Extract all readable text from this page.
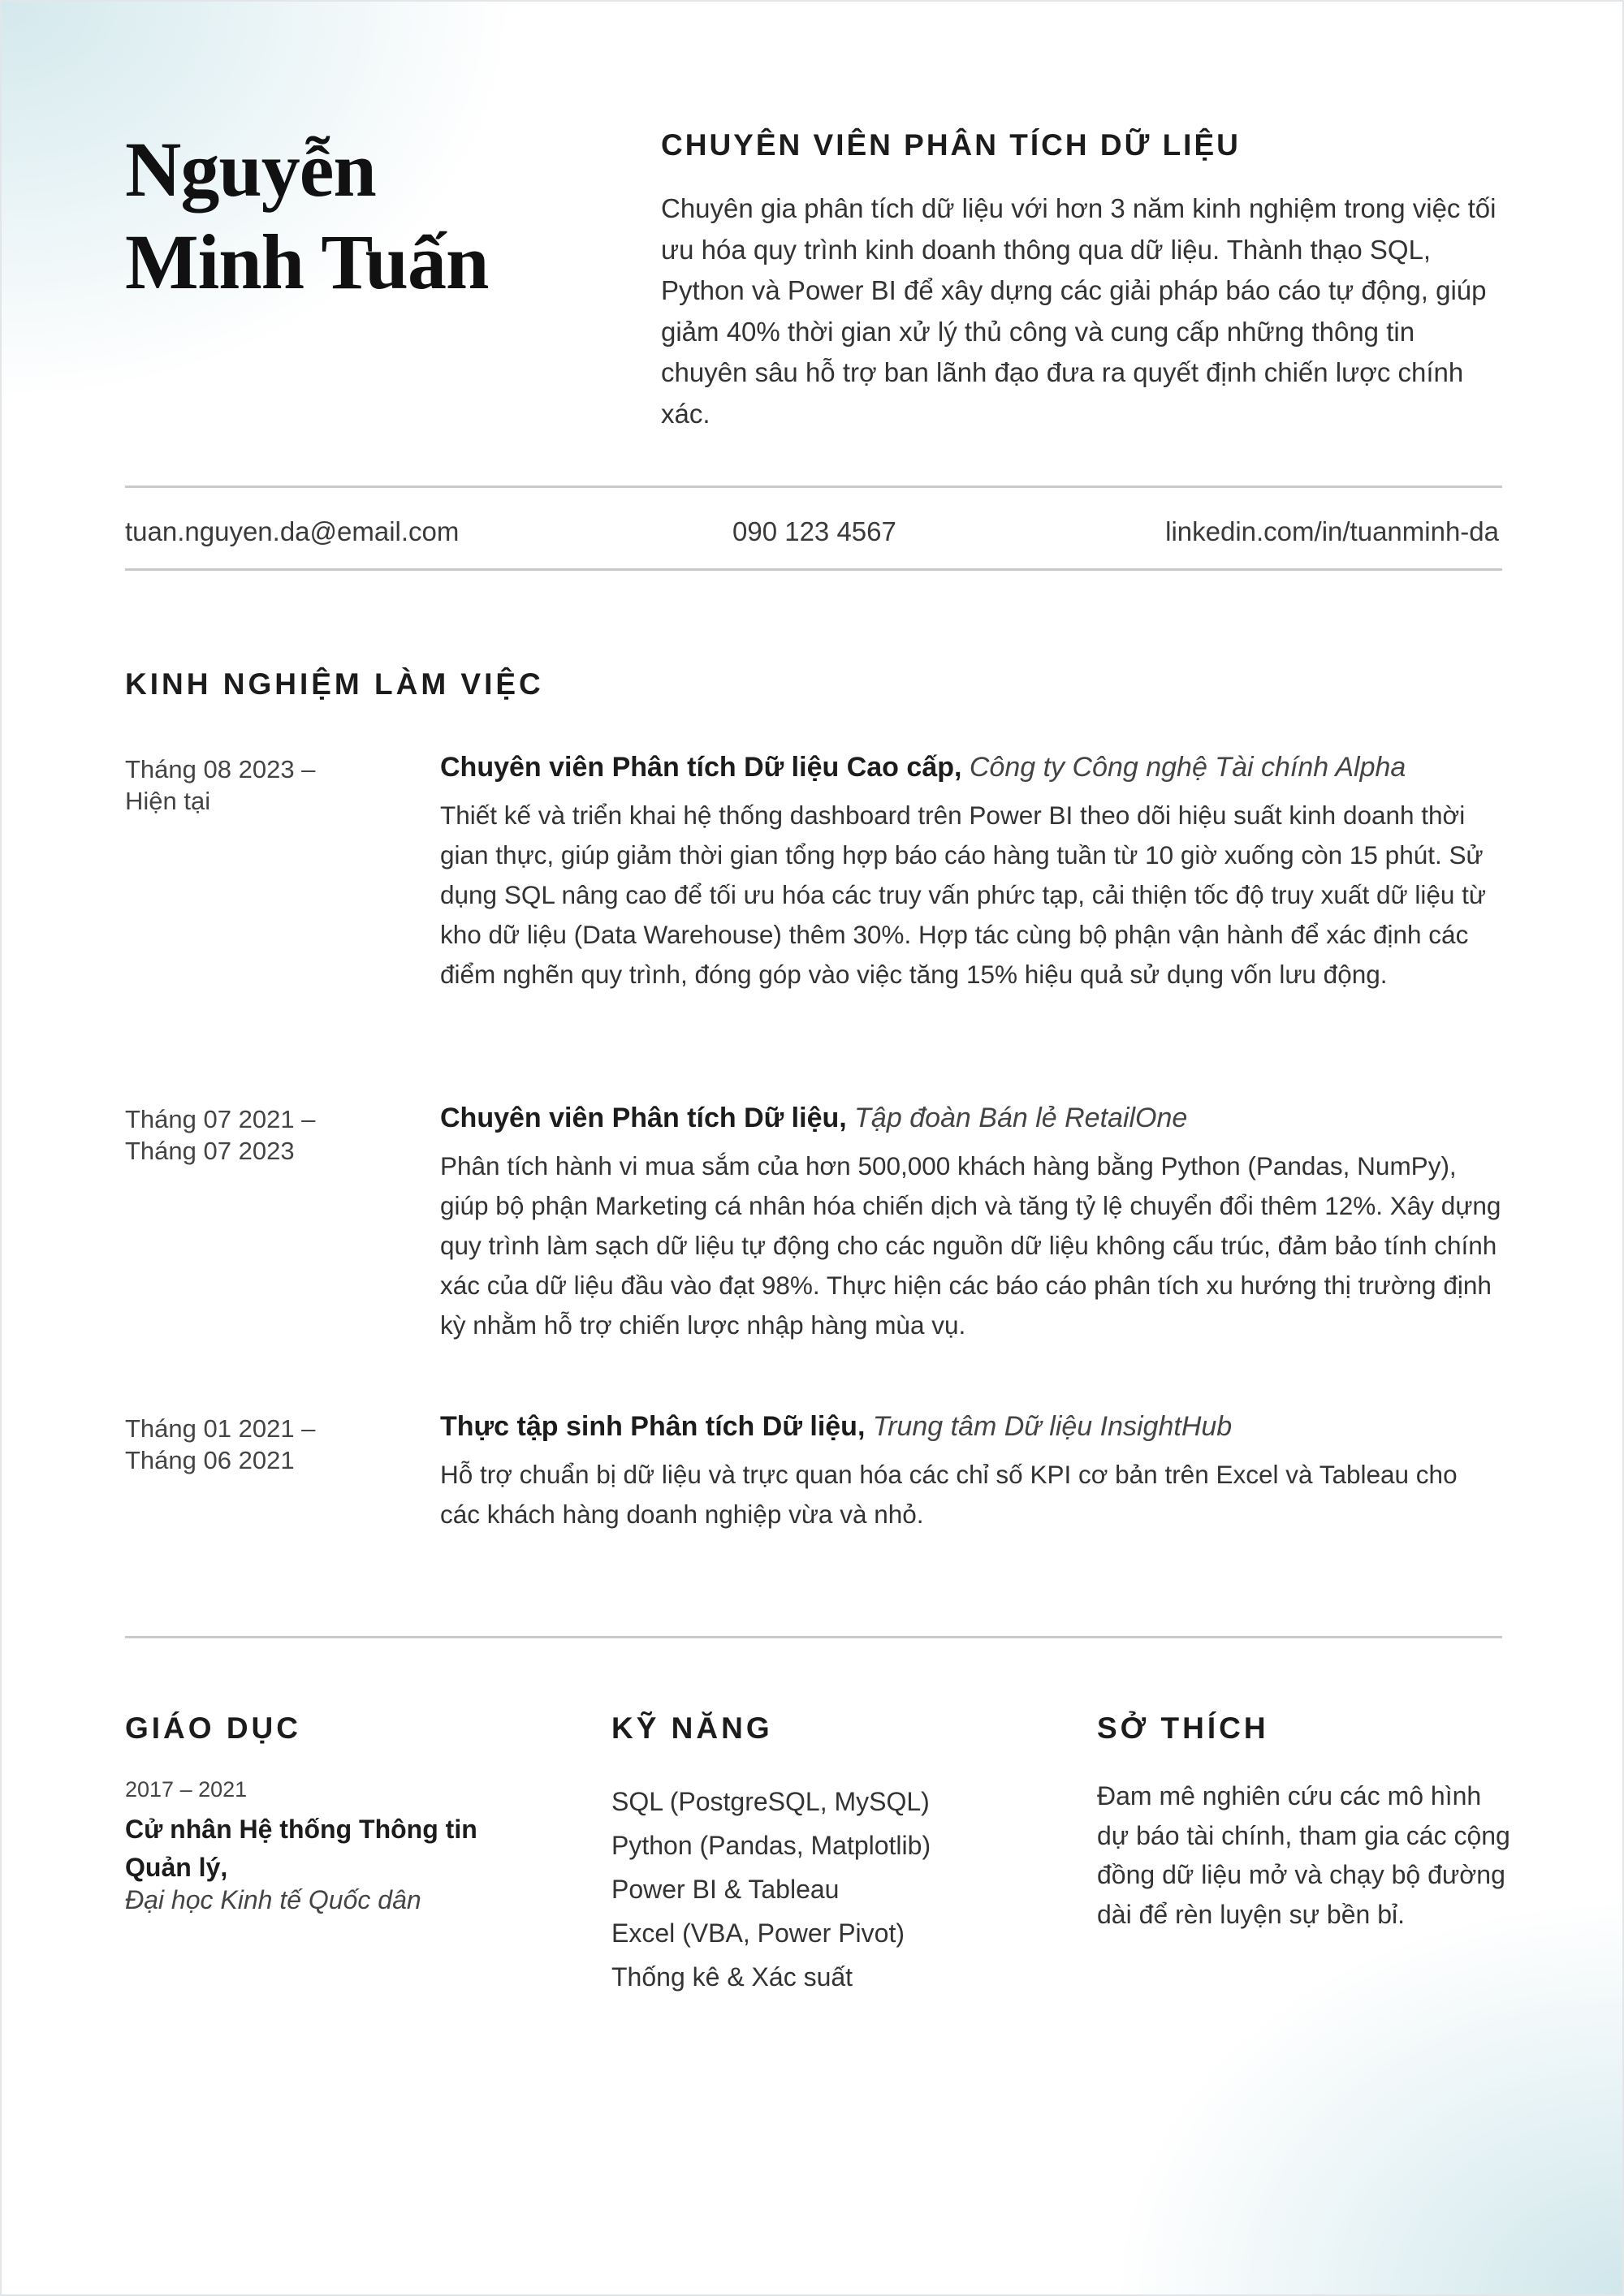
Nguyễn
Minh Tuấn
CHUYÊN VIÊN PHÂN TÍCH DỮ LIỆU
Chuyên gia phân tích dữ liệu với hơn 3 năm kinh nghiệm trong việc tối ưu hóa quy trình kinh doanh thông qua dữ liệu. Thành thạo SQL, Python và Power BI để xây dựng các giải pháp báo cáo tự động, giúp giảm 40% thời gian xử lý thủ công và cung cấp những thông tin chuyên sâu hỗ trợ ban lãnh đạo đưa ra quyết định chiến lược chính xác.
tuan.nguyen.da@email.com	090 123 4567	linkedin.com/in/tuanminh-da
KINH NGHIỆM LÀM VIỆC
Tháng 08 2023 –
Hiện tại
Chuyên viên Phân tích Dữ liệu Cao cấp, Công ty Công nghệ Tài chính Alpha
Thiết kế và triển khai hệ thống dashboard trên Power BI theo dõi hiệu suất kinh doanh thời gian thực, giúp giảm thời gian tổng hợp báo cáo hàng tuần từ 10 giờ xuống còn 15 phút. Sử dụng SQL nâng cao để tối ưu hóa các truy vấn phức tạp, cải thiện tốc độ truy xuất dữ liệu từ kho dữ liệu (Data Warehouse) thêm 30%. Hợp tác cùng bộ phận vận hành để xác định các điểm nghẽn quy trình, đóng góp vào việc tăng 15% hiệu quả sử dụng vốn lưu động.
Tháng 07 2021 –
Tháng 07 2023
Chuyên viên Phân tích Dữ liệu, Tập đoàn Bán lẻ RetailOne
Phân tích hành vi mua sắm của hơn 500,000 khách hàng bằng Python (Pandas, NumPy), giúp bộ phận Marketing cá nhân hóa chiến dịch và tăng tỷ lệ chuyển đổi thêm 12%. Xây dựng quy trình làm sạch dữ liệu tự động cho các nguồn dữ liệu không cấu trúc, đảm bảo tính chính xác của dữ liệu đầu vào đạt 98%. Thực hiện các báo cáo phân tích xu hướng thị trường định kỳ nhằm hỗ trợ chiến lược nhập hàng mùa vụ.
Tháng 01 2021 –
Tháng 06 2021
Thực tập sinh Phân tích Dữ liệu, Trung tâm Dữ liệu InsightHub
Hỗ trợ chuẩn bị dữ liệu và trực quan hóa các chỉ số KPI cơ bản trên Excel và Tableau cho các khách hàng doanh nghiệp vừa và nhỏ.
GIÁO DỤC
2017 – 2021
Cử nhân Hệ thống Thông tin Quản lý,
Đại học Kinh tế Quốc dân
KỸ NĂNG
SQL (PostgreSQL, MySQL)
Python (Pandas, Matplotlib)
Power BI & Tableau
Excel (VBA, Power Pivot)
Thống kê & Xác suất
SỞ THÍCH
Đam mê nghiên cứu các mô hình dự báo tài chính, tham gia các cộng đồng dữ liệu mở và chạy bộ đường dài để rèn luyện sự bền bỉ.
